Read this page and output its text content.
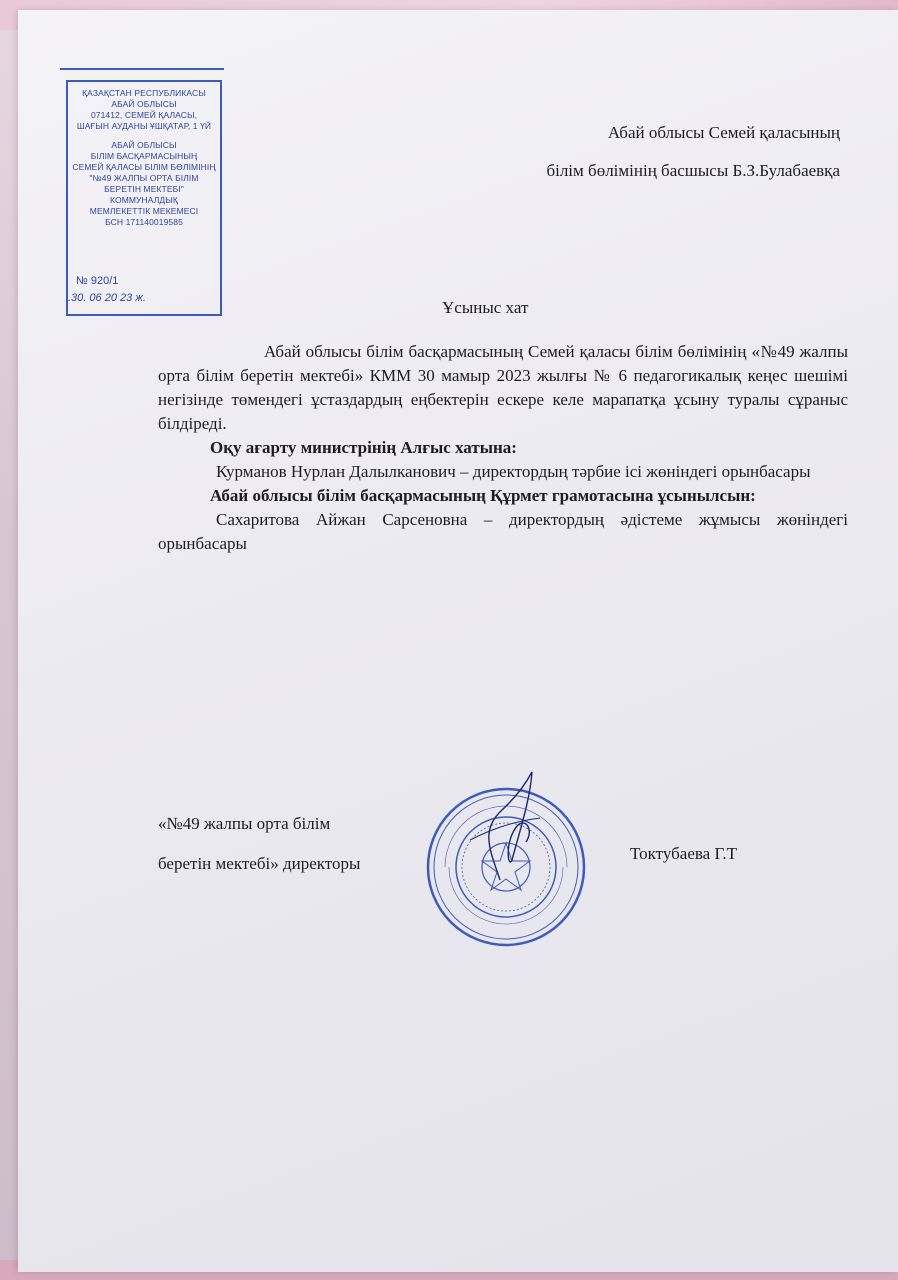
ҚАЗАҚСТАН РЕСПУБЛИКАСЫ
АБАЙ ОБЛЫСЫ
071412, СЕМЕЙ ҚАЛАСЫ,
ШАҒЫН АУДАНЫ ҰШҚАТАР, 1 ҮЙ
АБАЙ ОБЛЫСЫ
БІЛІМ БАСҚАРМАСЫНЫҢ
СЕМЕЙ ҚАЛАСЫ БІЛІМ БӨЛІМІНІҢ
"№49 ЖАЛПЫ ОРТА БІЛІМ
БЕРЕТІН МЕКТЕБІ"
КОММУНАЛДЫҚ
МЕМЛЕКЕТТІК МЕКЕМЕСІ
БСН 171140019585
№ 920/1
.30. 06 20 23 ж.
Абай облысы Семей қаласының
білім бөлімінің басшысы Б.З.Булабаевқа
Ұсыныс хат

Абай облысы білім басқармасының Семей қаласы білім бөлімінің «№49 жалпы орта білім беретін мектебі» КММ 30 мамыр 2023 жылғы № 6 педагогикалық кеңес шешімі негізінде төмендегі ұстаздардың еңбектерін ескере келе марапатқа ұсыну туралы сұраныс білдіреді.

Оқу ағарту министрінің Алғыс хатына:

Курманов Нурлан Далылканович – директордың тәрбие ісі жөніндегі орынбасары

Абай облысы білім басқармасының Құрмет грамотасына ұсынылсын:

Сахаритова Айжан Сарсеновна – директордың әдістеме жұмысы жөніндегі орынбасары

«№49 жалпы орта білім
беретін мектебі» директоры
Токтубаева Г.Т
